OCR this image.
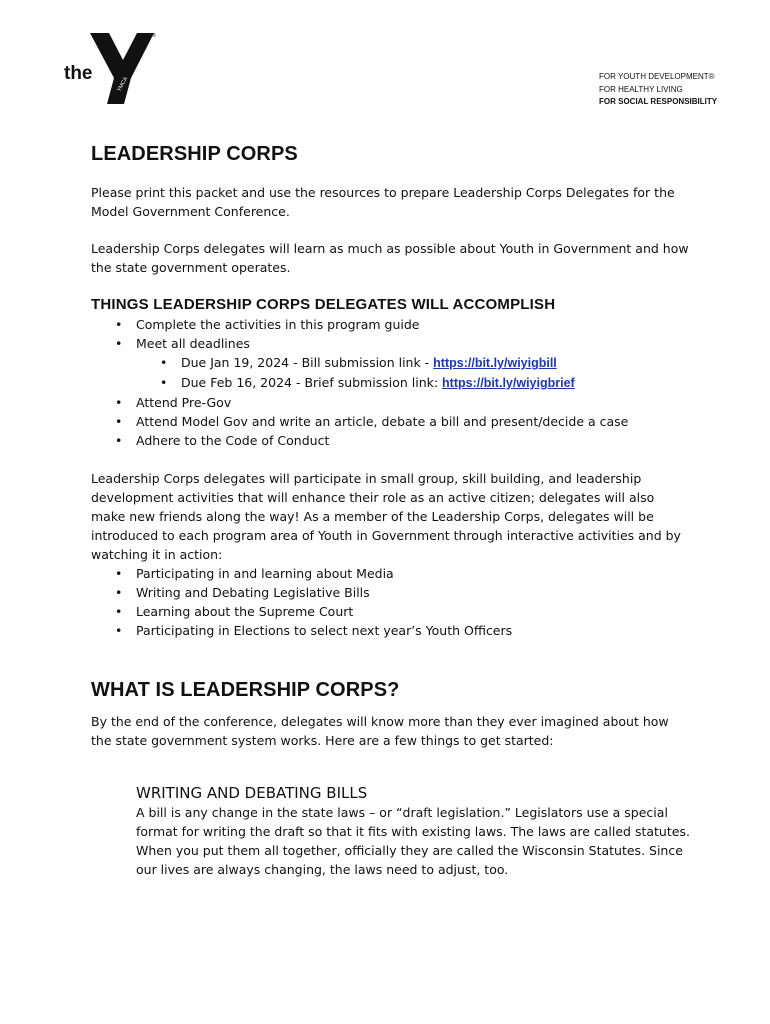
the
YMCA
®
FOR YOUTH DEVELOPMENT®
FOR HEALTHY LIVING
FOR SOCIAL RESPONSIBILITY
LEADERSHIP CORPS

Please print this packet and use the resources to prepare Leadership Corps Delegates for the Model Government Conference.

Leadership Corps delegates will learn as much as possible about Youth in Government and how the state government operates.

THINGS LEADERSHIP CORPS DELEGATES WILL ACCOMPLISH
• Complete the activities in this program guide
• Meet all deadlines
• Due Jan 19, 2024 - Bill submission link - https://bit.ly/wiyigbill
• Due Feb 16, 2024 - Brief submission link: https://bit.ly/wiyigbrief
• Attend Pre-Gov
• Attend Model Gov and write an article, debate a bill and present/decide a case
• Adhere to the Code of Conduct

Leadership Corps delegates will participate in small group, skill building, and leadership development activities that will enhance their role as an active citizen; delegates will also make new friends along the way! As a member of the Leadership Corps, delegates will be introduced to each program area of Youth in Government through interactive activities and by watching it in action:

• Participating in and learning about Media
• Writing and Debating Legislative Bills
• Learning about the Supreme Court
• Participating in Elections to select next year’s Youth Officers
WHAT IS LEADERSHIP CORPS?

By the end of the conference, delegates will know more than they ever imagined about how the state government system works. Here are a few things to get started:

WRITING AND DEBATING BILLS

A bill is any change in the state laws – or “draft legislation.” Legislators use a special format for writing the draft so that it fits with existing laws. The laws are called statutes. When you put them all together, officially they are called the Wisconsin Statutes. Since our lives are always changing, the laws need to adjust, too.
